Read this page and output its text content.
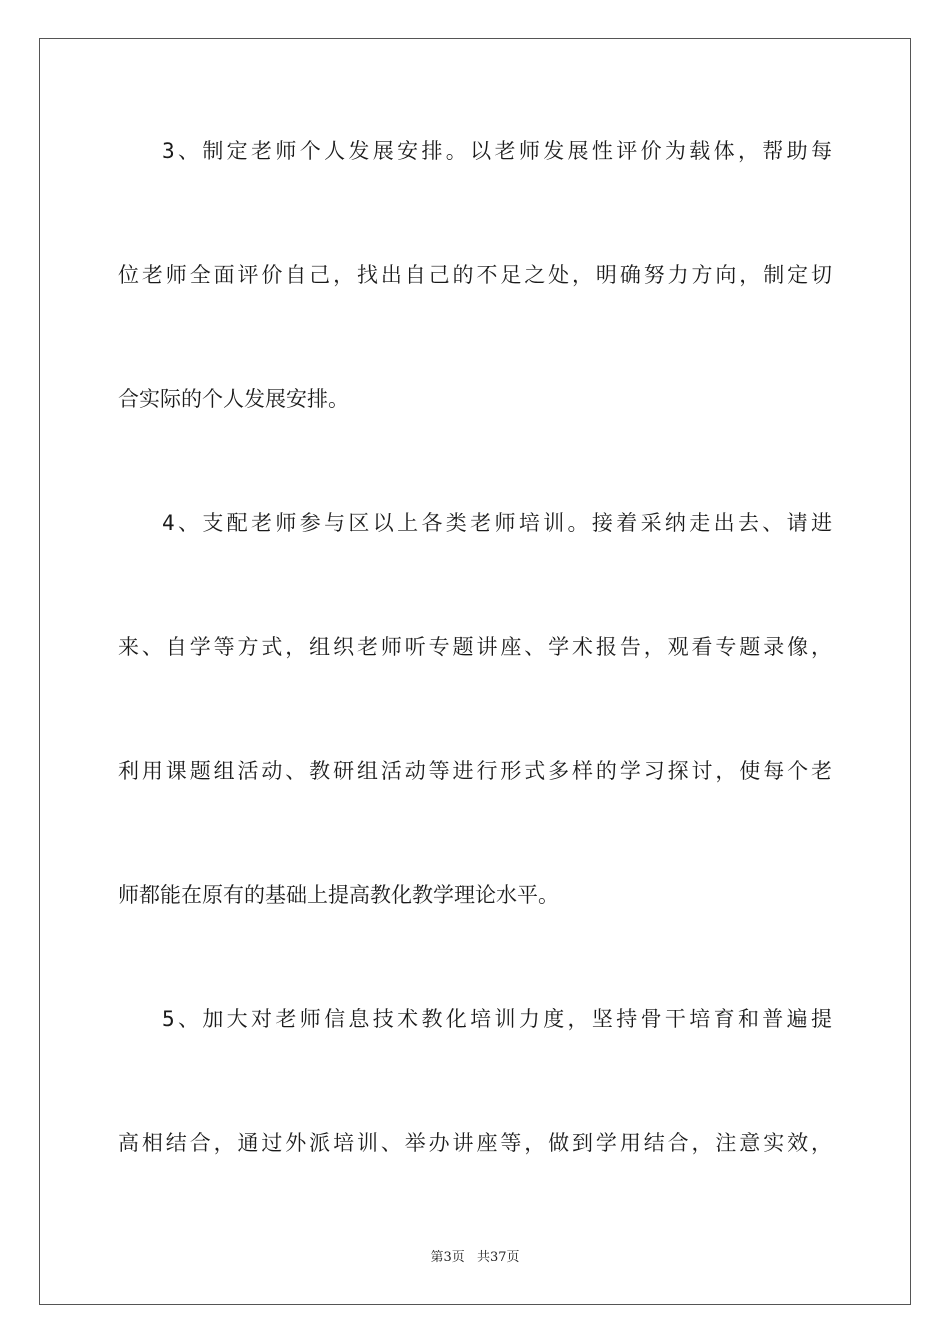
3、制定老师个人发展安排。以老师发展性评价为载体，帮助每
位老师全面评价自己，找出自己的不足之处，明确努力方向，制定切
合实际的个人发展安排。
4、支配老师参与区以上各类老师培训。接着采纳走出去、请进
来、自学等方式，组织老师听专题讲座、学术报告，观看专题录像，
利用课题组活动、教研组活动等进行形式多样的学习探讨，使每个老
师都能在原有的基础上提高教化教学理论水平。
5、加大对老师信息技术教化培训力度，坚持骨干培育和普遍提
高相结合，通过外派培训、举办讲座等，做到学用结合，注意实效，
第3页 共37页
